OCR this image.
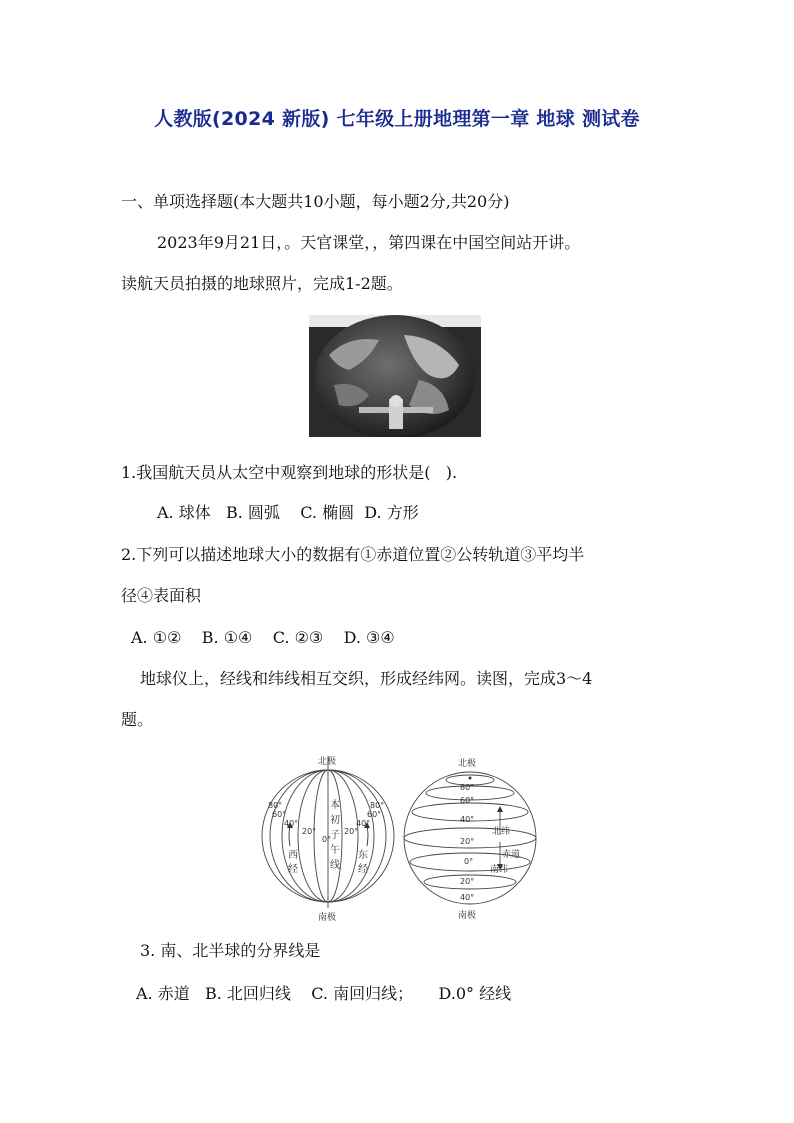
人教版(2024 新版) 七年级上册地理第一章 地球 测试卷
一、单项选择题(本大题共10小题，每小题2分,共20分)
2023年9月21日，。天官课堂，，第四课在中国空间站开讲。
读航天员拍摄的地球照片，完成1-2题。
1.我国航天员从太空中观察到地球的形状是(   ).
A. 球体   B. 圆弧    C. 椭圆  D. 方形
2.下列可以描述地球大小的数据有①赤道位置②公转轨道③平均半
径④表面积
A. ①②    B. ①④    C. ②③    D. ③④
地球仪上，经线和纬线相互交织，形成经纬网。读图，完成3～4
题。
北极
南极
本
初
子
午
线
西
经
东
经
80°
60°
40°
20°
0°
20°
40°
60°
80°
北极
南极
80°
60°
40°
20°
0°
20°
40°
北纬
赤道
南纬
3. 南、北半球的分界线是
A. 赤道   B. 北回归线    C. 南回归线；     D.0° 经线
